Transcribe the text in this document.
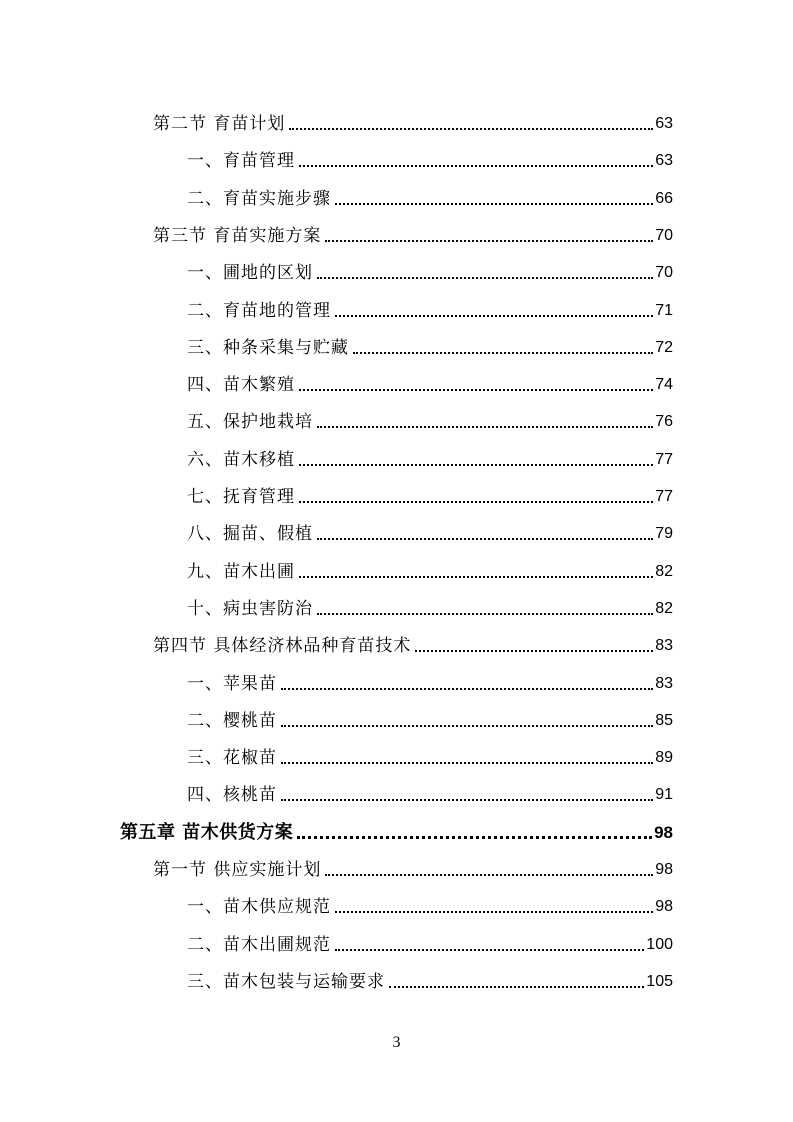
第二节 育苗计划	63
一、育苗管理	63
二、育苗实施步骤	66
第三节 育苗实施方案	70
一、圃地的区划	70
二、育苗地的管理	71
三、种条采集与贮藏	72
四、苗木繁殖	74
五、保护地栽培	76
六、苗木移植	77
七、抚育管理	77
八、掘苗、假植	79
九、苗木出圃	82
十、病虫害防治	82
第四节 具体经济林品种育苗技术	83
一、苹果苗	83
二、樱桃苗	85
三、花椒苗	89
四、核桃苗	91
第五章 苗木供货方案	98
第一节 供应实施计划	98
一、苗木供应规范	98
二、苗木出圃规范	100
三、苗木包装与运输要求	105
3
